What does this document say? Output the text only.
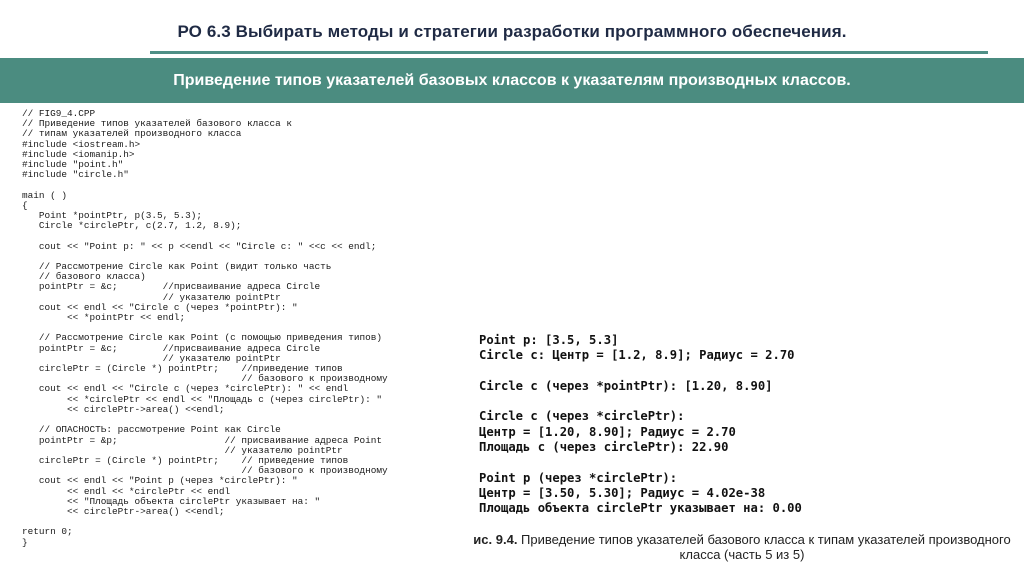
РО 6.3 Выбирать методы и стратегии разработки программного обеспечения.
Приведение типов указателей базовых классов к указателям производных классов.
// FIG9_4.CPP
// Приведение типов указателей базового класса к
// типам указателей производного класса
#include <iostream.h>
#include <iomanip.h>
#include "point.h"
#include "circle.h"

main ( )
{
Point *pointPtr, p(3.5, 5.3);
Circle *circlePtr, c(2.7, 1.2, 8.9);

cout << "Point p: " << p <<endl << "Circle c: " <<c << endl;

// Рассмотрение Circle как Point (видит только часть
// базового класса)
pointPtr = &c;        //присваивание адреса Circle
// указателю pointPtr
cout << endl << "Circle c (через *pointPtr): "
<< *pointPtr << endl;

// Рассмотрение Circle как Point (с помощью приведения типов)
pointPtr = &c;        //присваивание адреса Circle
// указателю pointPtr
circlePtr = (Circle *) pointPtr;    //приведение типов
// базового к производному
cout << endl << "Circle c (через *circlePtr): " << endl
<< *circlePtr << endl << "Площадь с (через circlePtr): "
<< circlePtr->area() <<endl;

// ОПАСНОСТЬ: рассмотрение Point как Circle
pointPtr = &p;                   // присваивание адреса Point
// указателю pointPtr
circlePtr = (Circle *) pointPtr;    // приведение типов
// базового к производному
cout << endl << "Point p (через *circlePtr): "
<< endl << *circlePtr << endl
<< "Площадь объекта circlePtr указывает на: "
<< circlePtr->area() <<endl;

return 0;
}
Point p: [3.5, 5.3]
Circle c: Центр = [1.2, 8.9]; Радиус = 2.70

Circle c (через *pointPtr): [1.20, 8.90]

Circle c (через *circlePtr):
Центр = [1.20, 8.90]; Радиус = 2.70
Площадь c (через circlePtr): 22.90

Point p (через *circlePtr):
Центр = [3.50, 5.30]; Радиус = 4.02e-38
Площадь объекта circlePtr указывает на: 0.00
ис. 9.4. Приведение типов указателей базового класса к типам указателей производного класса (часть 5 из 5)
